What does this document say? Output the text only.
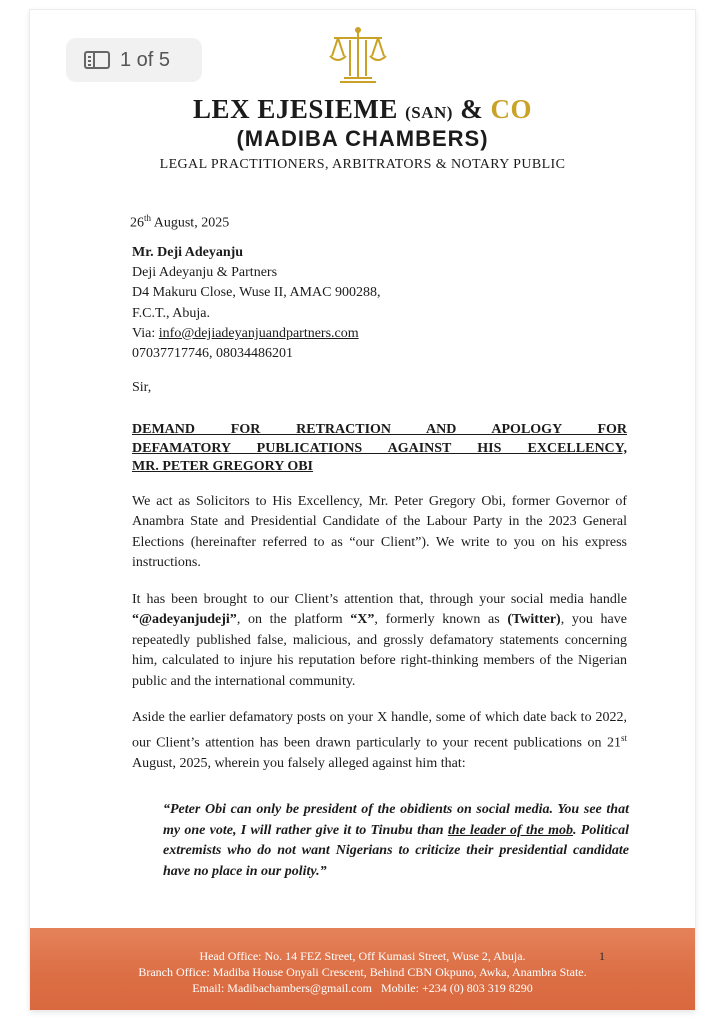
1 of 5
LEX EJESIEME (SAN) & CO
(MADIBA CHAMBERS)
LEGAL PRACTITIONERS, ARBITRATORS & NOTARY PUBLIC
26th August, 2025
Mr. Deji Adeyanju
Deji Adeyanju & Partners
D4 Makuru Close, Wuse II, AMAC 900288,
F.C.T., Abuja.
Via: info@dejiadeyanjuandpartners.com
07037717746, 08034486201
Sir,
DEMAND FOR RETRACTION AND APOLOGY FOR
DEFAMATORY PUBLICATIONS AGAINST HIS EXCELLENCY,
MR. PETER GREGORY OBI

We act as Solicitors to His Excellency, Mr. Peter Gregory Obi, former Governor of Anambra State and Presidential Candidate of the Labour Party in the 2023 General Elections (hereinafter referred to as “our Client”). We write to you on his express instructions.

It has been brought to our Client’s attention that, through your social media handle “@adeyanjudeji”, on the platform “X”, formerly known as (Twitter), you have repeatedly published false, malicious, and grossly defamatory statements concerning him, calculated to injure his reputation before right-thinking members of the Nigerian public and the international community.

Aside the earlier defamatory posts on your X handle, some of which date back to 2022, our Client’s attention has been drawn particularly to your recent publications on 21st August, 2025, wherein you falsely alleged against him that:

“Peter Obi can only be president of the obidients on social media. You see that my one vote, I will rather give it to Tinubu than the leader of the mob. Political extremists who do not want Nigerians to criticize their presidential candidate have no place in our polity.”
1
Head Office: No. 14 FEZ Street, Off Kumasi Street, Wuse 2, Abuja.
Branch Office: Madiba House Onyali Crescent, Behind CBN Okpuno, Awka, Anambra State.
Email: Madibachambers@gmail.com Mobile: +234 (0) 803 319 8290
